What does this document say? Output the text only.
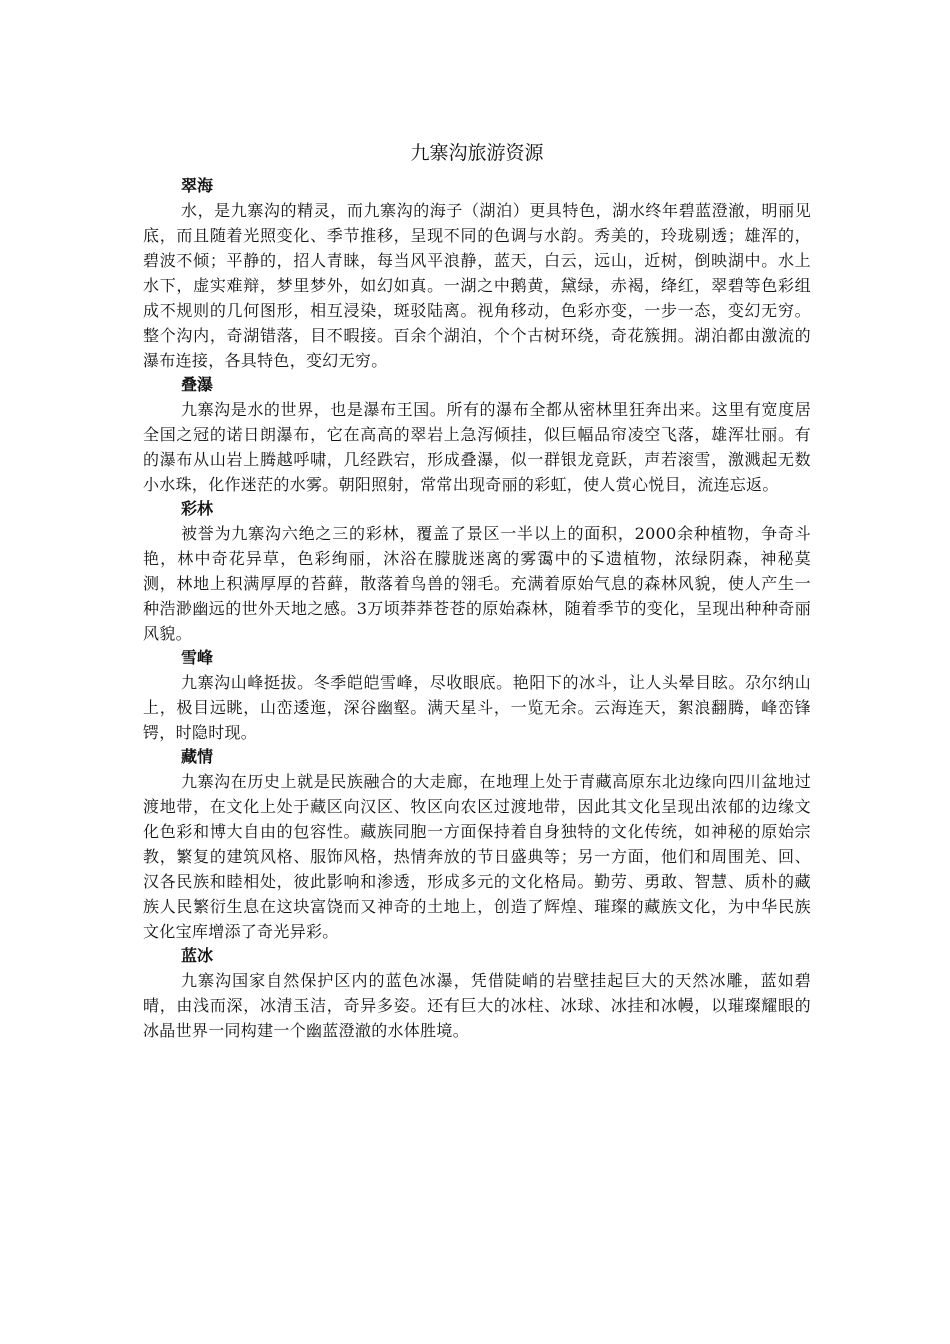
九寨沟旅游资源

翠海

水，是九寨沟的精灵，而九寨沟的海子（湖泊）更具特色，湖水终年碧蓝澄澈，明丽见底，而且随着光照变化、季节推移，呈现不同的色调与水韵。秀美的，玲珑剔透；雄浑的，碧波不倾；平静的，招人青睐，每当风平浪静，蓝天，白云，远山，近树，倒映湖中。水上水下，虚实难辩，梦里梦外，如幻如真。一湖之中鹅黄，黛绿，赤褐，绛红，翠碧等色彩组成不规则的几何图形，相互浸染，斑驳陆离。视角移动，色彩亦变，一步一态，变幻无穷。整个沟内，奇湖错落，目不暇接。百余个湖泊，个个古树环绕，奇花簇拥。湖泊都由激流的瀑布连接，各具特色，变幻无穷。

叠瀑

九寨沟是水的世界，也是瀑布王国。所有的瀑布全都从密林里狂奔出来。这里有宽度居全国之冠的诺日朗瀑布，它在高高的翠岩上急泻倾挂，似巨幅品帘凌空飞落，雄浑壮丽。有的瀑布从山岩上腾越呼啸，几经跌宕，形成叠瀑，似一群银龙竟跃，声若滚雪，激溅起无数小水珠，化作迷茫的水雾。朝阳照射，常常出现奇丽的彩虹，使人赏心悦目，流连忘返。

彩林

被誉为九寨沟六绝之三的彩林，覆盖了景区一半以上的面积，2000余种植物，争奇斗艳，林中奇花异草，色彩绚丽，沐浴在朦胧迷离的雾霭中的孓遗植物，浓绿阴森，神秘莫测，林地上积满厚厚的苔藓，散落着鸟兽的翎毛。充满着原始气息的森林风貌，使人产生一种浩渺幽远的世外天地之感。3万顷莽莽苍苍的原始森林，随着季节的变化，呈现出种种奇丽风貌。

雪峰

九寨沟山峰挺拔。冬季皑皑雪峰，尽收眼底。艳阳下的冰斗，让人头晕目眩。尕尔纳山上，极目远眺，山峦逶迤，深谷幽壑。满天星斗，一览无余。云海连天，絮浪翻腾，峰峦锋锷，时隐时现。

藏情

九寨沟在历史上就是民族融合的大走廊，在地理上处于青藏高原东北边缘向四川盆地过渡地带，在文化上处于藏区向汉区、牧区向农区过渡地带，因此其文化呈现出浓郁的边缘文化色彩和博大自由的包容性。藏族同胞一方面保持着自身独特的文化传统，如神秘的原始宗教，繁复的建筑风格、服饰风格，热情奔放的节日盛典等；另一方面，他们和周围羌、回、汉各民族和睦相处，彼此影响和渗透，形成多元的文化格局。勤劳、勇敢、智慧、质朴的藏族人民繁衍生息在这块富饶而又神奇的土地上，创造了辉煌、璀璨的藏族文化，为中华民族文化宝库增添了奇光异彩。

蓝冰

九寨沟国家自然保护区内的蓝色冰瀑，凭借陡峭的岩壁挂起巨大的天然冰雕，蓝如碧晴，由浅而深，冰清玉洁，奇异多姿。还有巨大的冰柱、冰球、冰挂和冰幔，以璀璨耀眼的冰晶世界一同构建一个幽蓝澄澈的水体胜境。
